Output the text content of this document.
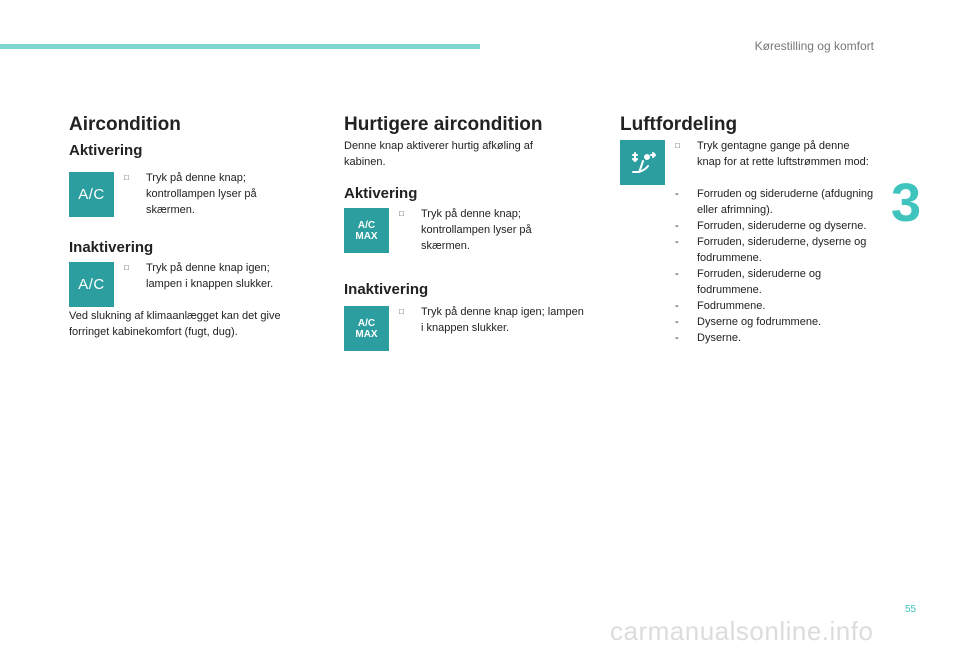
Kørestilling og komfort
3
Aircondition
Aktivering
A/C
□ Tryk på denne knap; kontrollampen lyser på skærmen.
Inaktivering
A/C
□ Tryk på denne knap igen; lampen i knappen slukker.
Ved slukning af klimaanlægget kan det give forringet kabinekomfort (fugt, dug).
Hurtigere aircondition
Denne knap aktiverer hurtig afkøling af kabinen.
Aktivering
A/C
MAX
□ Tryk på denne knap; kontrollampen lyser på skærmen.
Inaktivering
A/C
MAX
□ Tryk på denne knap igen; lampen i knappen slukker.
Luftfordeling
□ Tryk gentagne gange på denne knap for at rette luftstrømmen mod:
- Forruden og sideruderne (afdugning eller afrimning).
- Forruden, sideruderne og dyserne.
- Forruden, sideruderne, dyserne og fodrummene.
- Forruden, sideruderne og fodrummene.
- Fodrummene.
- Dyserne og fodrummene.
- Dyserne.
55
carmanualsonline.info
